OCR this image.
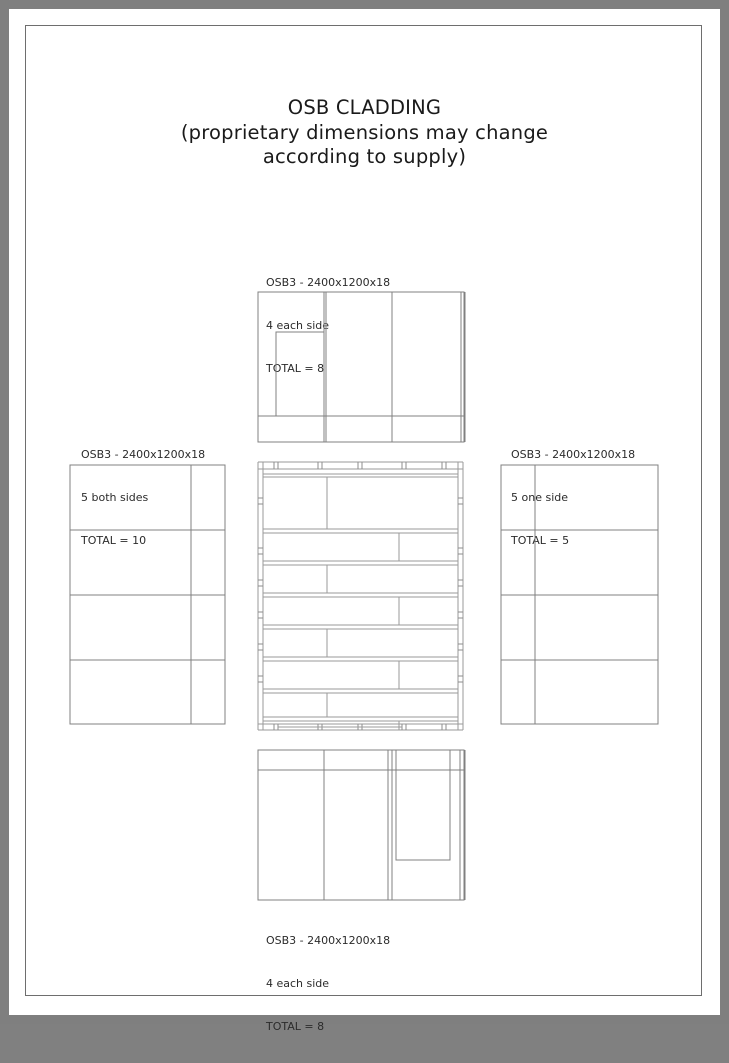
OSB CLADDING
(proprietary dimensions may change
according to supply)

OSB3 - 2400x1200x18

4 each side

TOTAL = 8

OSB3 - 2400x1200x18

5 both sides

TOTAL = 10

OSB3 - 2400x1200x18

5 one side

TOTAL = 5

OSB3 - 2400x1200x18

4 each side

TOTAL = 8
